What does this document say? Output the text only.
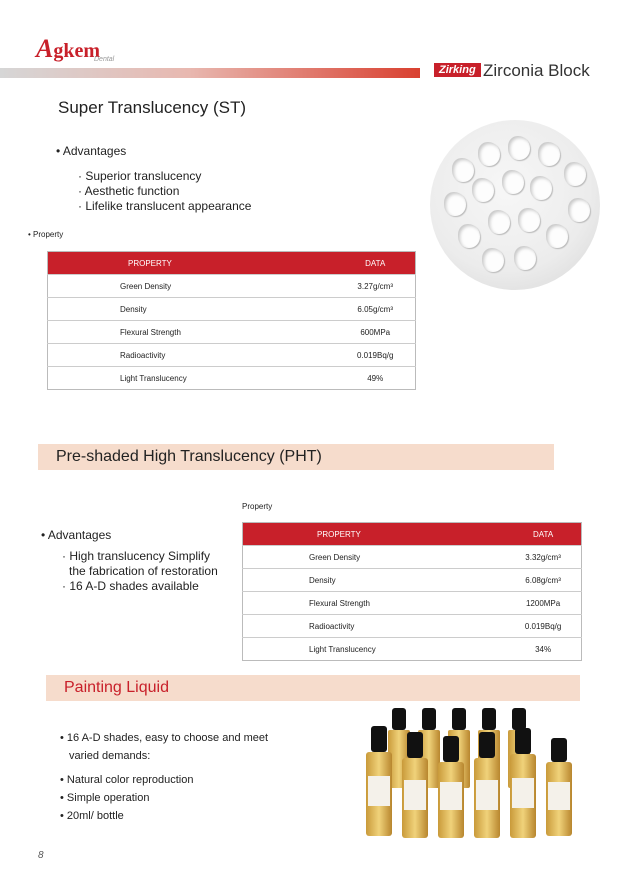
Agkem
Dental
Zirking Zirconia Block
Super Translucency (ST)
• Advantages
· Superior translucency
· Aesthetic function
· Lifelike translucent appearance
• Property
PROPERTY	DATA
Green Density	3.27g/cm³
Density	6.05g/cm³
Flexural Strength	600MPa
Radioactivity	0.019Bq/g
Light Translucency	49%
Pre-shaded High Translucency (PHT)
Property
• Advantages
· High translucency Simplify
the fabrication of restoration
· 16 A-D shades available
PROPERTY	DATA
Green Density	3.32g/cm³
Density	6.08g/cm³
Flexural Strength	1200MPa
Radioactivity	0.019Bq/g
Light Translucency	34%
Painting Liquid
• 16 A-D shades, easy to choose and meet
varied demands:
• Natural color reproduction
• Simple operation
• 20ml/ bottle
8
